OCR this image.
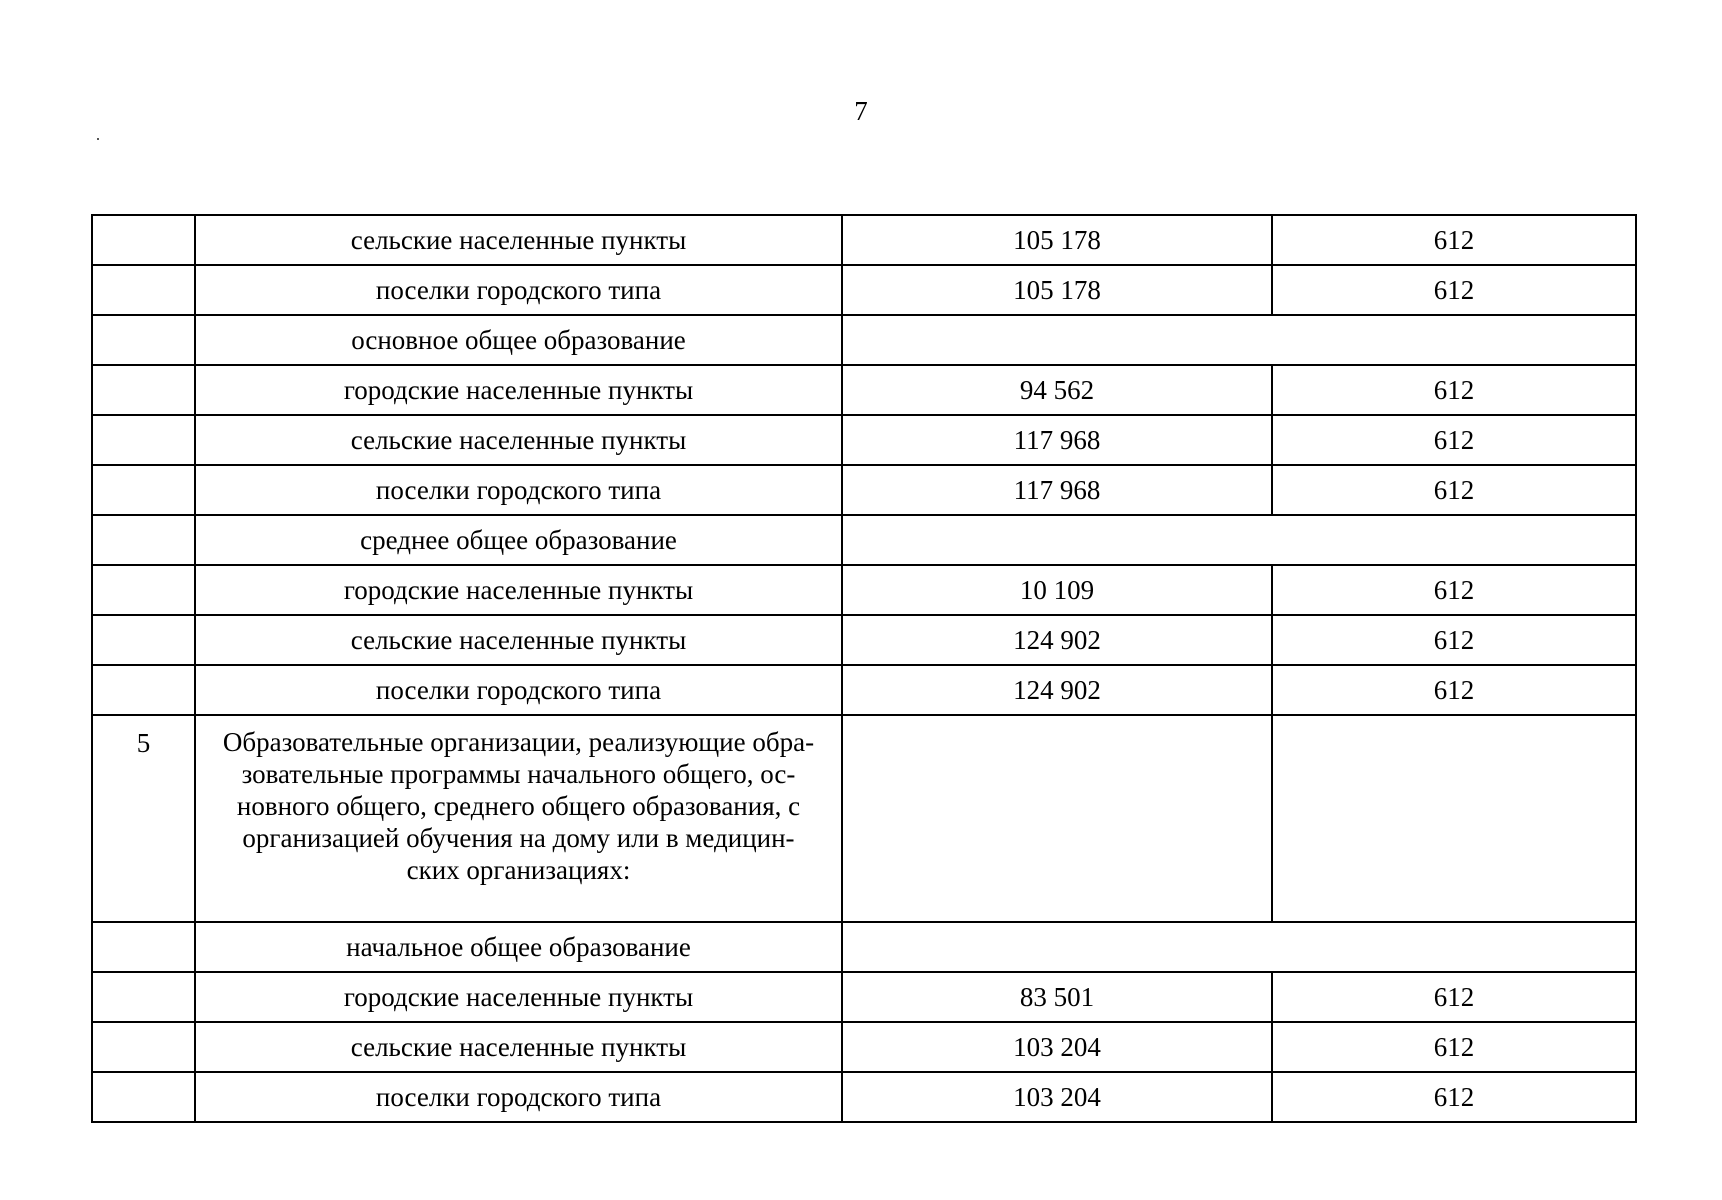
7
	сельские населенные пункты	105 178	612
	поселки городского типа	105 178	612
	основное общее образование		
	городские населенные пункты	94 562	612
	сельские населенные пункты	117 968	612
	поселки городского типа	117 968	612
	среднее общее образование		
	городские населенные пункты	10 109	612
	сельские населенные пункты	124 902	612
	поселки городского типа	124 902	612
5	Образовательные организации, реализующие обра-
зовательные программы начального общего, ос-
новного общего, среднего общего образования, с
организацией обучения на дому или в медицин-
ских организациях:		

	начальное общее образование		
	городские населенные пункты	83 501	612
	сельские населенные пункты	103 204	612
	поселки городского типа	103 204	612
